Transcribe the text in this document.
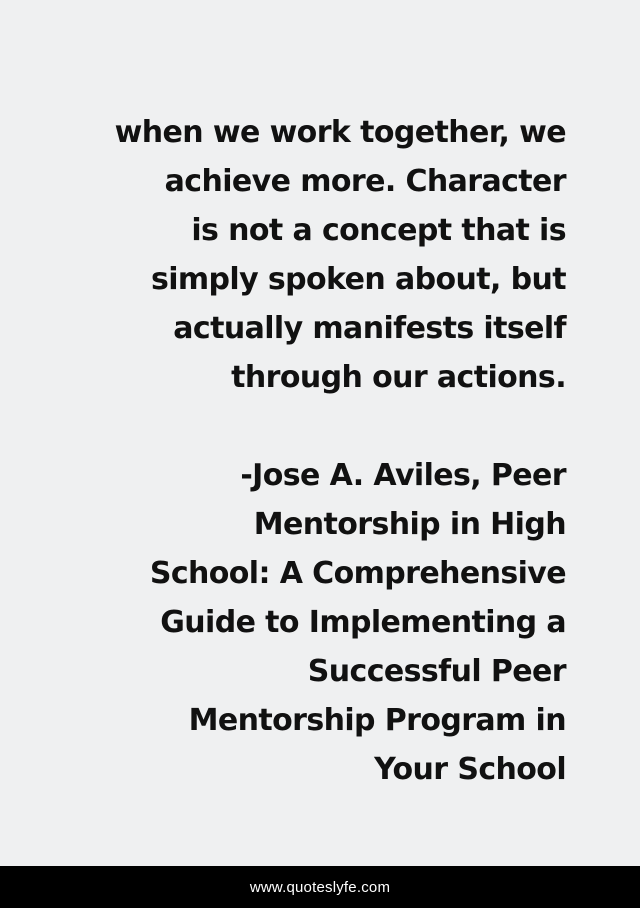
when we work together, we
achieve more. Character
is not a concept that is
simply spoken about, but
actually manifests itself
through our actions.
-Jose A. Aviles, Peer
Mentorship in High
School: A Comprehensive
Guide to Implementing a
Successful Peer
Mentorship Program in
Your School
www.quoteslyfe.com
